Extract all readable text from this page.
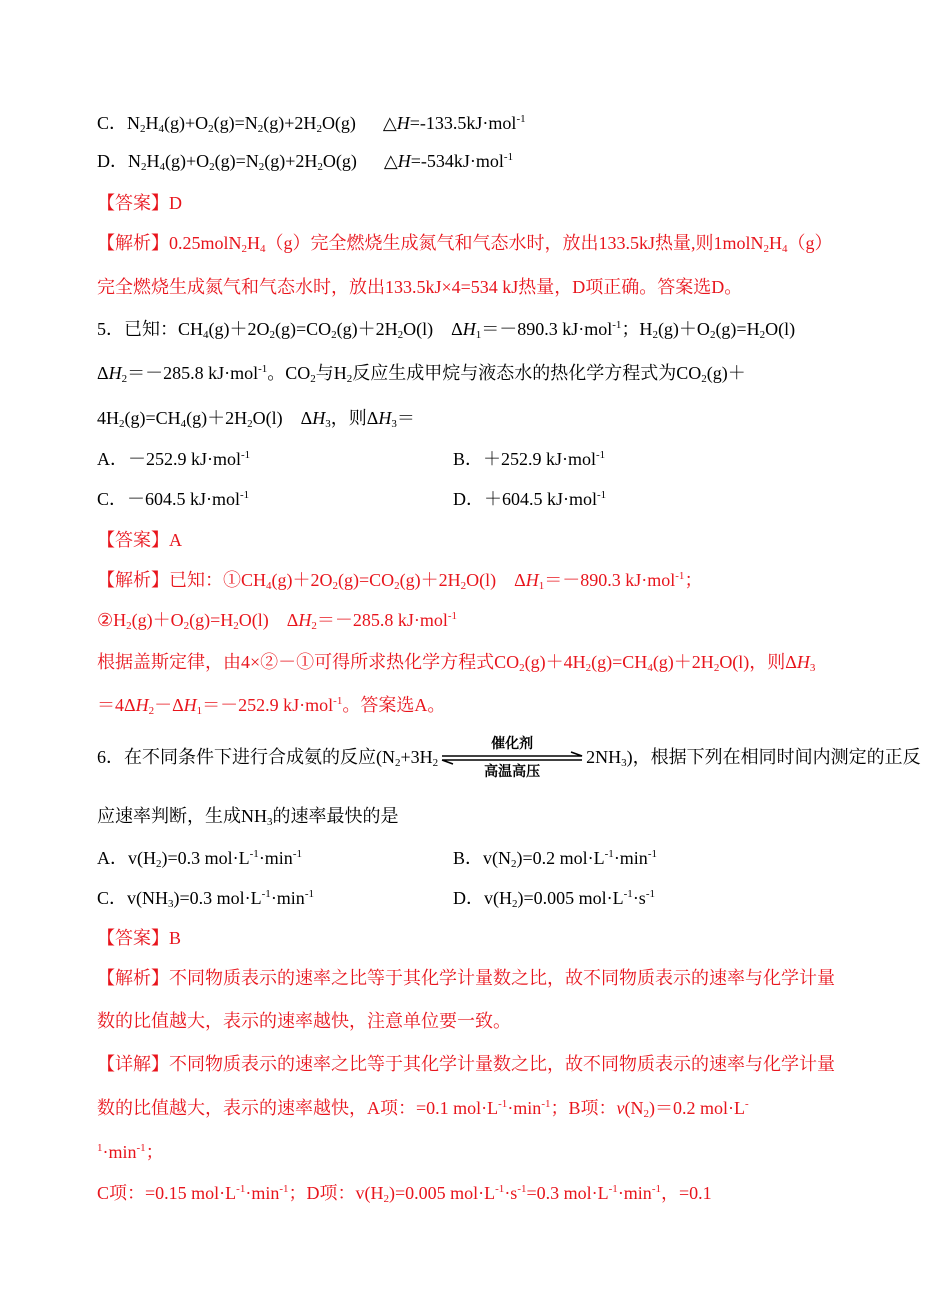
C．$N_2H_4(g)+O_2(g)=N_2(g)+2H_2O(g)$      △H=-133.5kJ·mol$^{-1}$
D．$N_2H_4(g)+O_2(g)=N_2(g)+2H_2O(g)$      △H=-534kJ·mol$^{-1}$
【答案】D
【解析】$0.25molN_2H_4(g)$完全燃烧生成氮气和气态水时，放出133.5kJ热量,则$1molN_2H_4(g)$
完全燃烧生成氮气和气态水时，放出133.5kJ×4=534 kJ热量，D项正确。答案选D。
5．已知：$CH_4(g)+2O_2(g)=CO_2(g)+2H_2O(l)$    $\Delta H_1=-890.3$ kJ·mol$^{-1}$；$H_2(g)+O_2(g)=H_2O(l)$
$\Delta H_2=-285.8$ kJ·mol$^{-1}$。$CO_2$与$H_2$反应生成甲烷与液态水的热化学方程式为$CO_2(g)+$
$4H_2(g)=CH_4(g)+2H_2O(l)$    $\Delta H_3$，则$\Delta H_3=$
A．－252.9 kJ·mol$^{-1}$	B．＋252.9 kJ·mol$^{-1}$
C．－604.5 kJ·mol$^{-1}$	D．＋604.5 kJ·mol$^{-1}$
【答案】A
【解析】已知：$①CH_4(g)+2O_2(g)=CO_2(g)+2H_2O(l)$    $\Delta H_1=-890.3$ kJ·mol$^{-1}$；
$②H_2(g)+O_2(g)=H_2O(l)$    $\Delta H_2=-285.8$ kJ·mol$^{-1}$
根据盖斯定律，由4×②－①可得所求热化学方程式$CO_2(g)+4H_2(g)=CH_4(g)+2H_2O(l)$，则$\Delta H_3$
$=4\Delta H_2-\Delta H_1=-252.9$ kJ·mol$^{-1}$。答案选A。
6．在不同条件下进行合成氨的反应($N_2+3H_2$
催化剂
高温高压
$2NH_3$)，根据下列在相同时间内测定的正反
应速率判断，生成$NH_3$的速率最快的是
A．$v(H_2)=0.3$ $mol\cdot L^{-1}\cdot\min^{-1}$	B．$v(N_2)=0.2$ $mol\cdot L^{-1}\cdot\min^{-1}$
C．$v(NH_3)=0.3$ $mol\cdot L^{-1}\cdot\min^{-1}$	D．$v(H_2)=0.005$ $mol\cdot L^{-1}\cdot s^{-1}$
【答案】B
【解析】不同物质表示的速率之比等于其化学计量数之比，故不同物质表示的速率与化学计量
数的比值越大，表示的速率越快，注意单位要一致。
【详解】不同物质表示的速率之比等于其化学计量数之比，故不同物质表示的速率与化学计量
数的比值越大，表示的速率越快，A项：=0.1 $mol\cdot L^{-1}\cdot\min^{-1}$；B项：$v(N_2)=0.2$ mol·L-
$^1\cdot\min^{-1}$；
C项：=0.15 $mol\cdot L^{-1}\cdot\min^{-1}$；D项：$v(H_2)=0.005$ $mol\cdot L^{-1}\cdot s^{-1}=0.3$ $mol\cdot L^{-1}\cdot\min^{-1}$，=0.1
